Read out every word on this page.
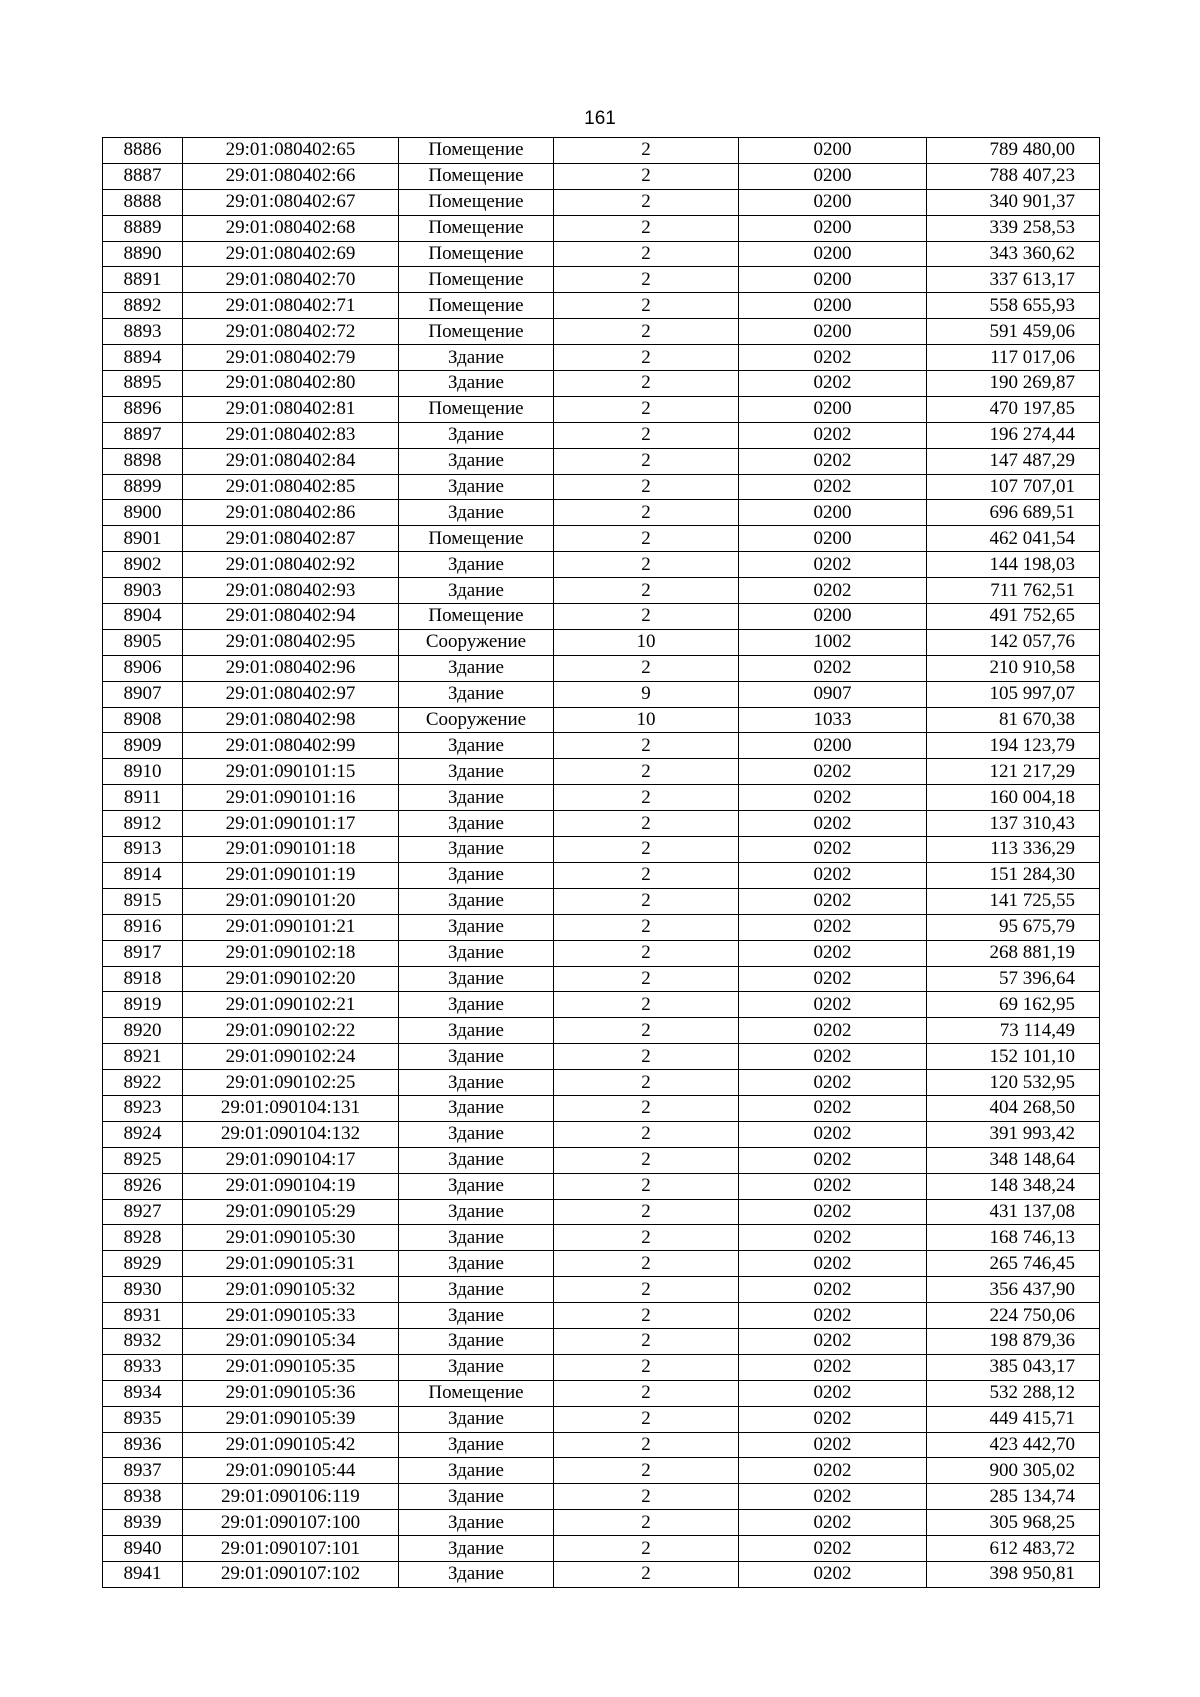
161
8886	29:01:080402:65	Помещение	2	0200	789 480,00
8887	29:01:080402:66	Помещение	2	0200	788 407,23
8888	29:01:080402:67	Помещение	2	0200	340 901,37
8889	29:01:080402:68	Помещение	2	0200	339 258,53
8890	29:01:080402:69	Помещение	2	0200	343 360,62
8891	29:01:080402:70	Помещение	2	0200	337 613,17
8892	29:01:080402:71	Помещение	2	0200	558 655,93
8893	29:01:080402:72	Помещение	2	0200	591 459,06
8894	29:01:080402:79	Здание	2	0202	117 017,06
8895	29:01:080402:80	Здание	2	0202	190 269,87
8896	29:01:080402:81	Помещение	2	0200	470 197,85
8897	29:01:080402:83	Здание	2	0202	196 274,44
8898	29:01:080402:84	Здание	2	0202	147 487,29
8899	29:01:080402:85	Здание	2	0202	107 707,01
8900	29:01:080402:86	Здание	2	0200	696 689,51
8901	29:01:080402:87	Помещение	2	0200	462 041,54
8902	29:01:080402:92	Здание	2	0202	144 198,03
8903	29:01:080402:93	Здание	2	0202	711 762,51
8904	29:01:080402:94	Помещение	2	0200	491 752,65
8905	29:01:080402:95	Сооружение	10	1002	142 057,76
8906	29:01:080402:96	Здание	2	0202	210 910,58
8907	29:01:080402:97	Здание	9	0907	105 997,07
8908	29:01:080402:98	Сооружение	10	1033	81 670,38
8909	29:01:080402:99	Здание	2	0200	194 123,79
8910	29:01:090101:15	Здание	2	0202	121 217,29
8911	29:01:090101:16	Здание	2	0202	160 004,18
8912	29:01:090101:17	Здание	2	0202	137 310,43
8913	29:01:090101:18	Здание	2	0202	113 336,29
8914	29:01:090101:19	Здание	2	0202	151 284,30
8915	29:01:090101:20	Здание	2	0202	141 725,55
8916	29:01:090101:21	Здание	2	0202	95 675,79
8917	29:01:090102:18	Здание	2	0202	268 881,19
8918	29:01:090102:20	Здание	2	0202	57 396,64
8919	29:01:090102:21	Здание	2	0202	69 162,95
8920	29:01:090102:22	Здание	2	0202	73 114,49
8921	29:01:090102:24	Здание	2	0202	152 101,10
8922	29:01:090102:25	Здание	2	0202	120 532,95
8923	29:01:090104:131	Здание	2	0202	404 268,50
8924	29:01:090104:132	Здание	2	0202	391 993,42
8925	29:01:090104:17	Здание	2	0202	348 148,64
8926	29:01:090104:19	Здание	2	0202	148 348,24
8927	29:01:090105:29	Здание	2	0202	431 137,08
8928	29:01:090105:30	Здание	2	0202	168 746,13
8929	29:01:090105:31	Здание	2	0202	265 746,45
8930	29:01:090105:32	Здание	2	0202	356 437,90
8931	29:01:090105:33	Здание	2	0202	224 750,06
8932	29:01:090105:34	Здание	2	0202	198 879,36
8933	29:01:090105:35	Здание	2	0202	385 043,17
8934	29:01:090105:36	Помещение	2	0202	532 288,12
8935	29:01:090105:39	Здание	2	0202	449 415,71
8936	29:01:090105:42	Здание	2	0202	423 442,70
8937	29:01:090105:44	Здание	2	0202	900 305,02
8938	29:01:090106:119	Здание	2	0202	285 134,74
8939	29:01:090107:100	Здание	2	0202	305 968,25
8940	29:01:090107:101	Здание	2	0202	612 483,72
8941	29:01:090107:102	Здание	2	0202	398 950,81
